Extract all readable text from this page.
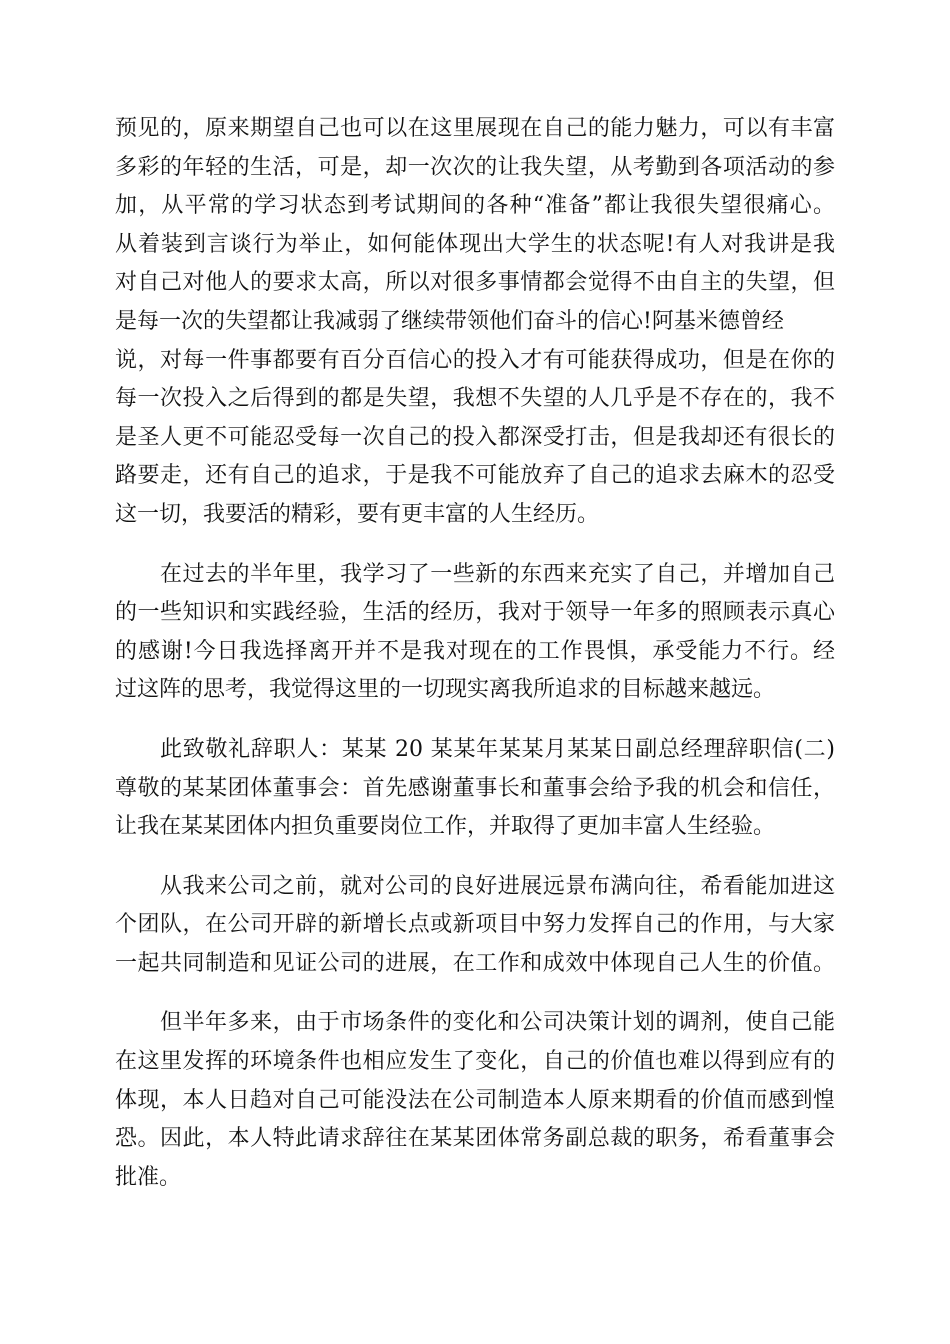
预见的，原来期望自己也可以在这里展现在自己的能力魅力，可以有丰富
多彩的年轻的生活，可是，却一次次的让我失望，从考勤到各项活动的参
加，从平常的学习状态到考试期间的各种“准备”都让我很失望很痛心。
从着装到言谈行为举止，如何能体现出大学生的状态呢!有人对我讲是我
对自己对他人的要求太高，所以对很多事情都会觉得不由自主的失望，但
是每一次的失望都让我减弱了继续带领他们奋斗的信心!阿基米德曾经
说，对每一件事都要有百分百信心的投入才有可能获得成功，但是在你的
每一次投入之后得到的都是失望，我想不失望的人几乎是不存在的，我不
是圣人更不可能忍受每一次自己的投入都深受打击，但是我却还有很长的
路要走，还有自己的追求，于是我不可能放弃了自己的追求去麻木的忍受
这一切，我要活的精彩，要有更丰富的人生经历。
在过去的半年里，我学习了一些新的东西来充实了自己，并增加自己
的一些知识和实践经验，生活的经历，我对于领导一年多的照顾表示真心
的感谢!今日我选择离开并不是我对现在的工作畏惧，承受能力不行。经
过这阵的思考，我觉得这里的一切现实离我所追求的目标越来越远。
此致敬礼辞职人：某某 20 某某年某某月某某日副总经理辞职信(二)
尊敬的某某团体董事会：首先感谢董事长和董事会给予我的机会和信任，
让我在某某团体内担负重要岗位工作，并取得了更加丰富人生经验。
从我来公司之前，就对公司的良好进展远景布满向往，希看能加进这
个团队，在公司开辟的新增长点或新项目中努力发挥自己的作用，与大家
一起共同制造和见证公司的进展，在工作和成效中体现自己人生的价值。
但半年多来，由于市场条件的变化和公司决策计划的调剂，使自己能
在这里发挥的环境条件也相应发生了变化，自己的价值也难以得到应有的
体现，本人日趋对自己可能没法在公司制造本人原来期看的价值而感到惶
恐。因此，本人特此请求辞往在某某团体常务副总裁的职务，希看董事会
批准。
